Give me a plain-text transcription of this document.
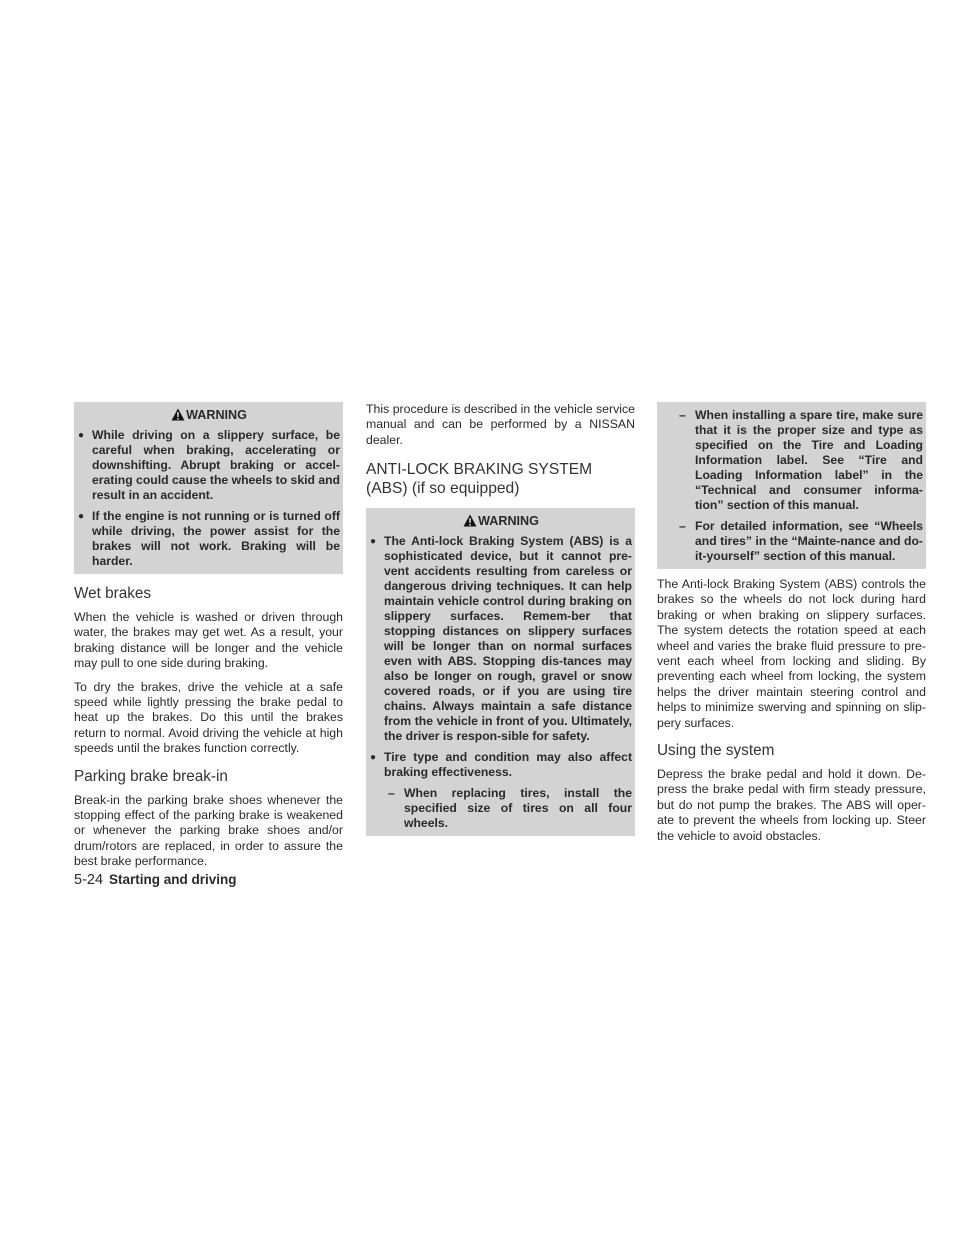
WARNING
● While driving on a slippery surface, be careful when braking, accelerating or downshifting. Abrupt braking or accel-erating could cause the wheels to skid and result in an accident.
● If the engine is not running or is turned off while driving, the power assist for the brakes will not work. Braking will be harder.
Wet brakes

When the vehicle is washed or driven through water, the brakes may get wet. As a result, your braking distance will be longer and the vehicle may pull to one side during braking.

To dry the brakes, drive the vehicle at a safe speed while lightly pressing the brake pedal to heat up the brakes. Do this until the brakes return to normal. Avoid driving the vehicle at high speeds until the brakes function correctly.

Parking brake break-in

Break-in the parking brake shoes whenever the stopping effect of the parking brake is weakened or whenever the parking brake shoes and/or drum/rotors are replaced, in order to assure the best brake performance.

This procedure is described in the vehicle service manual and can be performed by a NISSAN dealer.

ANTI-LOCK BRAKING SYSTEM
(ABS) (if so equipped)
WARNING
● The Anti-lock Braking System (ABS) is a sophisticated device, but it cannot pre-vent accidents resulting from careless or dangerous driving techniques. It can help maintain vehicle control during braking on slippery surfaces. Remem-ber that stopping distances on slippery surfaces will be longer than on normal surfaces even with ABS. Stopping dis-tances may also be longer on rough, gravel or snow covered roads, or if you are using tire chains. Always maintain a safe distance from the vehicle in front of you. Ultimately, the driver is respon-sible for safety.
● Tire type and condition may also affect braking effectiveness.
– When replacing tires, install the specified size of tires on all four wheels.
– When installing a spare tire, make sure that it is the proper size and type as specified on the Tire and Loading Information label. See “Tire and Loading Information label” in the “Technical and consumer informa-tion” section of this manual.
– For detailed information, see “Wheels and tires” in the “Mainte-nance and do-it-yourself” section of this manual.

The Anti-lock Braking System (ABS) controls the brakes so the wheels do not lock during hard braking or when braking on slippery surfaces. The system detects the rotation speed at each wheel and varies the brake fluid pressure to pre-vent each wheel from locking and sliding. By preventing each wheel from locking, the system helps the driver maintain steering control and helps to minimize swerving and spinning on slip-pery surfaces.

Using the system

Depress the brake pedal and hold it down. De-press the brake pedal with firm steady pressure, but do not pump the brakes. The ABS will oper-ate to prevent the wheels from locking up. Steer the vehicle to avoid obstacles.

5-24 Starting and driving
